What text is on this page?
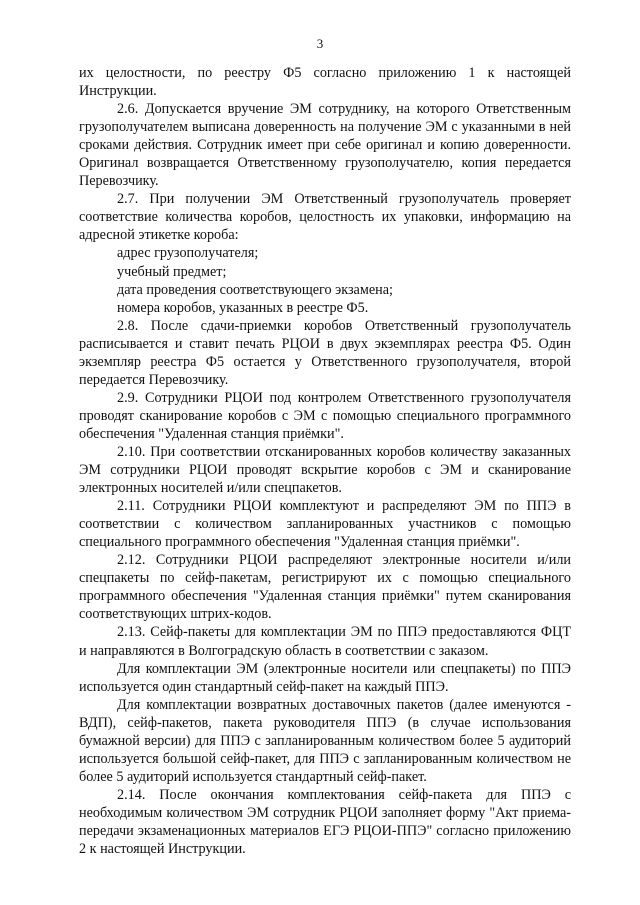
3

их целостности, по реестру Ф5 согласно приложению 1 к настоящей Инструкции.

2.6. Допускается вручение ЭМ сотруднику, на которого Ответственным грузополучателем выписана доверенность на получение ЭМ с указанными в ней сроками действия. Сотрудник имеет при себе оригинал и копию доверенности. Оригинал возвращается Ответственному грузополучателю, копия передается Перевозчику.

2.7. При получении ЭМ Ответственный грузополучатель проверяет соответствие количества коробов, целостность их упаковки, информацию на адресной этикетке короба:

адрес грузополучателя;

учебный предмет;

дата проведения соответствующего экзамена;

номера коробов, указанных в реестре Ф5.

2.8. После сдачи-приемки коробов Ответственный грузополучатель расписывается и ставит печать РЦОИ в двух экземплярах реестра Ф5. Один экземпляр реестра Ф5 остается у Ответственного грузополучателя, второй передается Перевозчику.

2.9. Сотрудники РЦОИ под контролем Ответственного грузополучателя проводят сканирование коробов с ЭМ с помощью специального программного обеспечения "Удаленная станция приёмки".

2.10. При соответствии отсканированных коробов количеству заказанных ЭМ сотрудники РЦОИ проводят вскрытие коробов с ЭМ и сканирование электронных носителей и/или спецпакетов.

2.11. Сотрудники РЦОИ комплектуют и распределяют ЭМ по ППЭ в соответствии с количеством запланированных участников с помощью специального программного обеспечения "Удаленная станция приёмки".

2.12. Сотрудники РЦОИ распределяют электронные носители и/или спецпакеты по сейф-пакетам, регистрируют их с помощью специального программного обеспечения "Удаленная станция приёмки" путем сканирования соответствующих штрих-кодов.

2.13. Сейф-пакеты для комплектации ЭМ по ППЭ предоставляются ФЦТ и направляются в Волгоградскую область в соответствии с заказом.

Для комплектации ЭМ (электронные носители или спецпакеты) по ППЭ используется один стандартный сейф-пакет на каждый ППЭ.

Для комплектации возвратных доставочных пакетов (далее именуются - ВДП), сейф-пакетов, пакета руководителя ППЭ (в случае использования бумажной версии) для ППЭ с запланированным количеством более 5 аудиторий используется большой сейф-пакет, для ППЭ с запланированным количеством не более 5 аудиторий используется стандартный сейф-пакет.

2.14. После окончания комплектования сейф-пакета для ППЭ с необходимым количеством ЭМ сотрудник РЦОИ заполняет форму "Акт приема-передачи экзаменационных материалов ЕГЭ РЦОИ-ППЭ" согласно приложению 2 к настоящей Инструкции.
